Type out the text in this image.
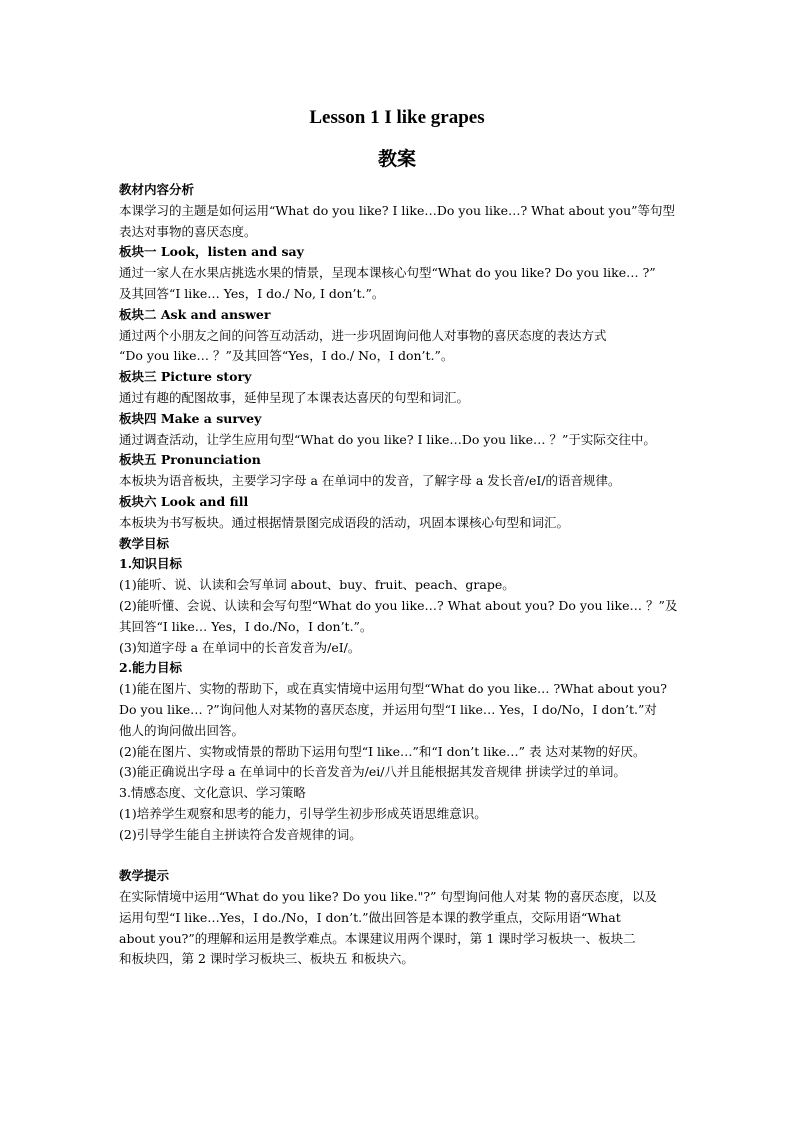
Lesson 1 I like grapes
教案

教材内容分析

本课学习的主题是如何运用“What do you like? I like…Do you like…? What about you”等句型

表达对事物的喜厌态度。

板块一 Look，listen and say

通过一家人在水果店挑选水果的情景，呈现本课核心句型“What do you like? Do you like… ?”

及其回答“I like… Yes，I do./ No, I don’t.”。

板块二 Ask and answer

通过两个小朋友之间的问答互动活动，进一步巩固询问他人对事物的喜厌态度的表达方式

“Do you like… ？”及其回答“Yes，I do./ No，I don’t.”。

板块三 Picture story

通过有趣的配图故事，延伸呈现了本课表达喜厌的句型和词汇。

板块四 Make a survey

通过调查活动，让学生应用句型“What do you like? I like…Do you like… ？”于实际交往中。

板块五 Pronunciation

本板块为语音板块，主要学习字母 a 在单词中的发音，了解字母 a 发长音/eI/的语音规律。

板块六 Look and fill

本板块为书写板块。通过根据情景图完成语段的活动，巩固本课核心句型和词汇。

教学目标

1.知识目标

(1)能听、说、认读和会写单词 about、buy、fruit、peach、grape。

(2)能听懂、会说、认读和会写句型“What do you like…? What about you? Do you like… ？”及

其回答“I like… Yes，I do./No，I don’t.”。

(3)知道字母 a 在单词中的长音发音为/eI/。

2.能力目标

(1)能在图片、实物的帮助下，或在真实情境中运用句型“What do you like… ?What about you?

Do you like… ?”询问他人对某物的喜厌态度，并运用句型“I like… Yes，I do/No，I don’t.”对

他人的询问做出回答。

(2)能在图片、实物或情景的帮助下运用句型“I like…”和“I don’t like…” 表 达对某物的好厌。

(3)能正确说出字母 a 在单词中的长音发音为/ei/八并且能根据其发音规律 拼读学过的单词。

3.情感态度、文化意识、学习策略

(1)培养学生观察和思考的能力，引导学生初步形成英语思维意识。

(2)引导学生能自主拼读符合发音规律的词。

教学提示

在实际情境中运用“What do you like? Do you like."?” 句型询问他人对某 物的喜厌态度，以及

运用句型“I like…Yes，I do./No，I don’t.”做出回答是本课的教学重点，交际用语“What

about you?”的理解和运用是教学难点。本课建议用两个课时，第 1 课时学习板块一、板块二

和板块四，第 2 课时学习板块三、板块五 和板块六。
